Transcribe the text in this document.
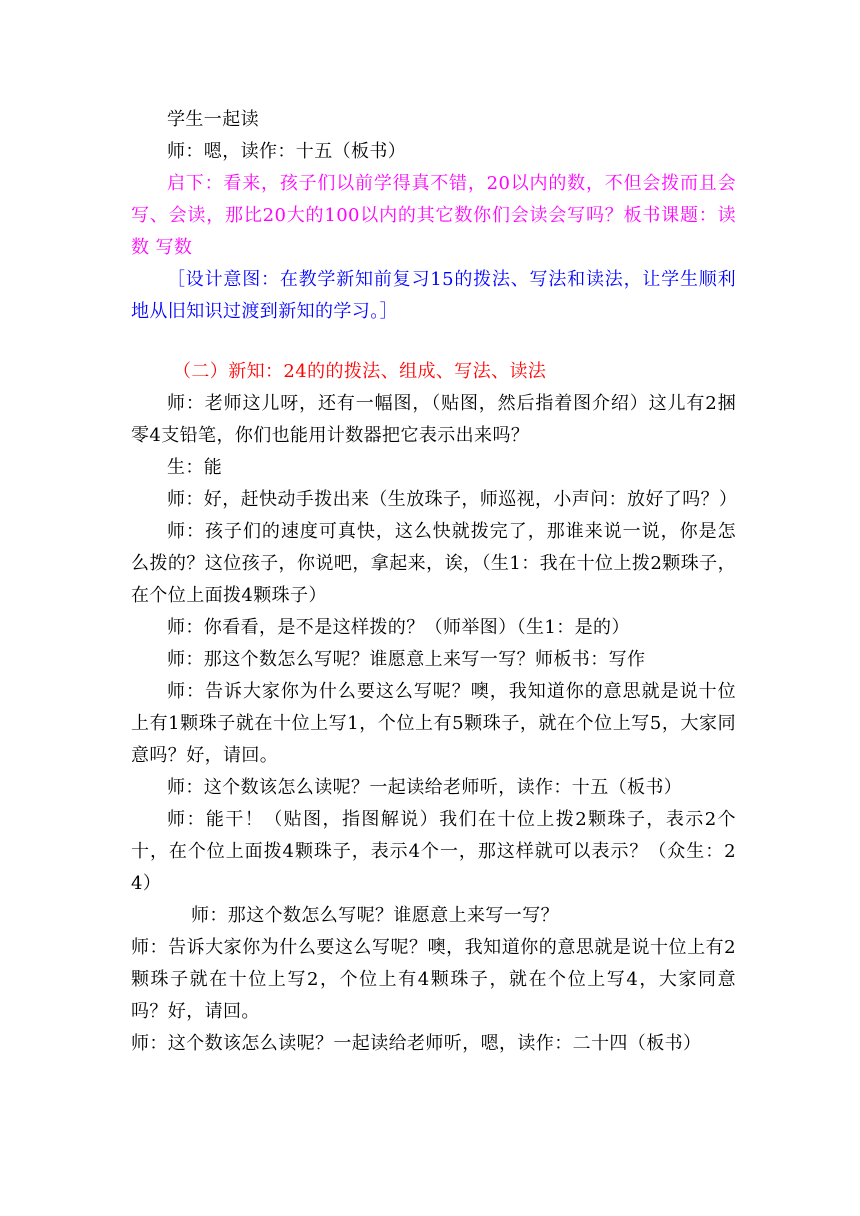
学生一起读

师：嗯，读作：十五（板书）

启下：看来，孩子们以前学得真不错，20以内的数，不但会拨而且会写、会读，那比20大的100以内的其它数你们会读会写吗？板书课题：读数 写数

［设计意图：在教学新知前复习15的拨法、写法和读法，让学生顺利地从旧知识过渡到新知的学习。］

（二）新知：24的的拨法、组成、写法、读法

师：老师这儿呀，还有一幅图，（贴图，然后指着图介绍）这儿有2捆零4支铅笔，你们也能用计数器把它表示出来吗？

生：能

师：好，赶快动手拨出来（生放珠子，师巡视，小声问：放好了吗？）

师：孩子们的速度可真快，这么快就拨完了，那谁来说一说，你是怎么拨的？这位孩子，你说吧，拿起来，诶，（生1：我在十位上拨2颗珠子，在个位上面拨4颗珠子）

师：你看看，是不是这样拨的？（师举图）（生1：是的）

师：那这个数怎么写呢？谁愿意上来写一写？师板书：写作

师：告诉大家你为什么要这么写呢？噢，我知道你的意思就是说十位上有1颗珠子就在十位上写1，个位上有5颗珠子，就在个位上写5，大家同意吗？好，请回。

师：这个数该怎么读呢？一起读给老师听，读作：十五（板书）

师：能干！（贴图，指图解说）我们在十位上拨2颗珠子，表示2个十，在个位上面拨4颗珠子，表示4个一，那这样就可以表示？（众生：24）

师：那这个数怎么写呢？谁愿意上来写一写？

师：告诉大家你为什么要这么写呢？噢，我知道你的意思就是说十位上有2颗珠子就在十位上写2，个位上有4颗珠子，就在个位上写4，大家同意吗？好，请回。

师：这个数该怎么读呢？一起读给老师听，嗯，读作：二十四（板书）
